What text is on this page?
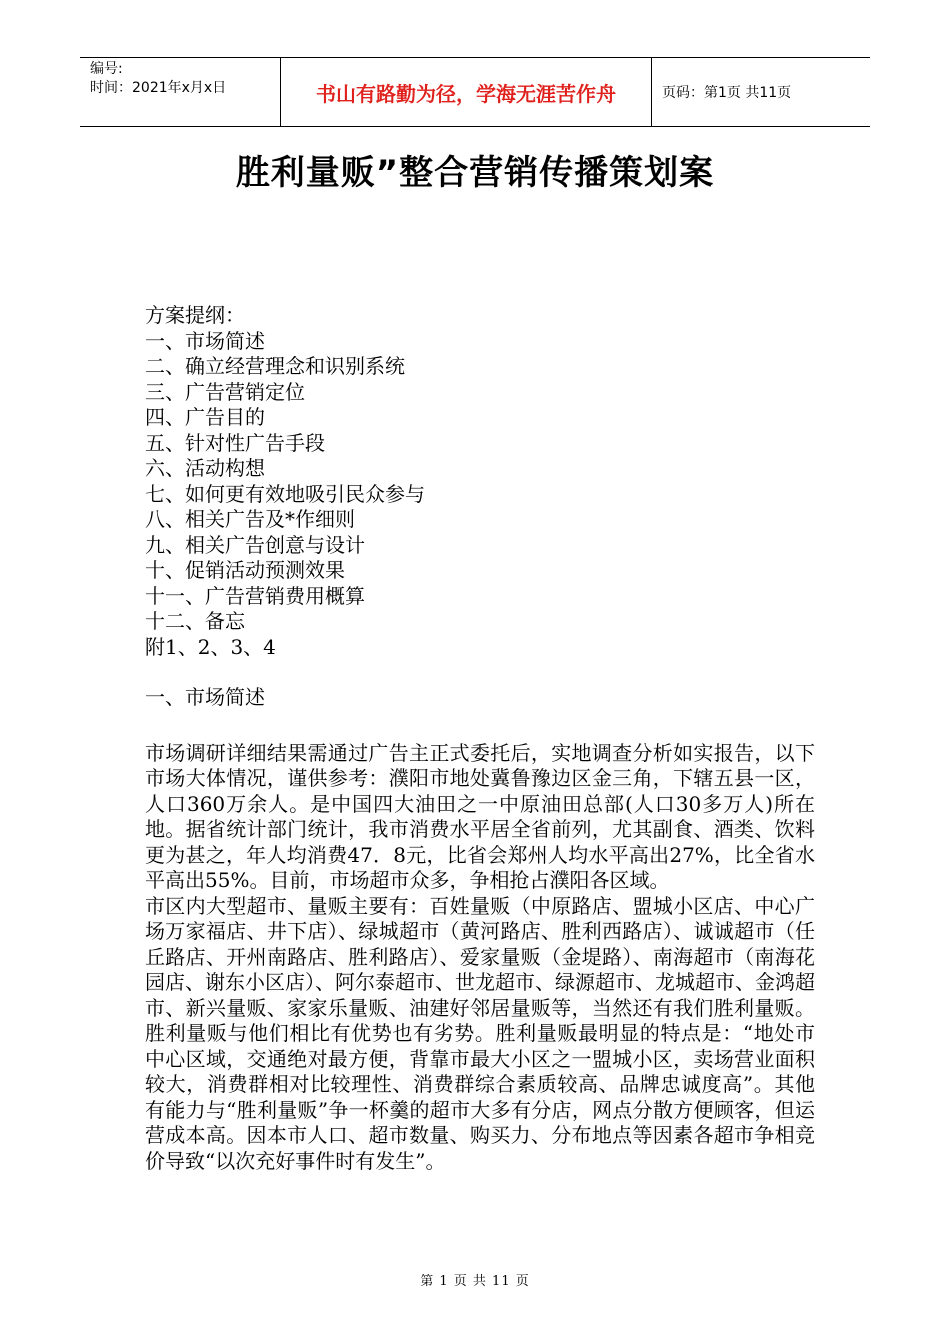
编号:
时间：2021年x月x日	书山有路勤为径，学海无涯苦作舟	页码：第1页 共11页
胜利量贩”整合营销传播策划案
方案提纲：
一、市场简述
二、确立经营理念和识别系统
三、广告营销定位
四、广告目的
五、针对性广告手段
六、活动构想
七、如何更有效地吸引民众参与
八、相关广告及*作细则
九、相关广告创意与设计
十、促销活动预测效果
十一、广告营销费用概算
十二、备忘
附1、2、3、4
一、市场简述

市场调研详细结果需通过广告主正式委托后，实地调查分析如实报告，以下市场大体情况，谨供参考：濮阳市地处冀鲁豫边区金三角，下辖五县一区，人口360万余人。是中国四大油田之一中原油田总部(人口30多万人)所在地。据省统计部门统计，我市消费水平居全省前列，尤其副食、酒类、饮料更为甚之，年人均消费47．8元，比省会郑州人均水平高出27%，比全省水平高出55%。目前，市场超市众多，争相抢占濮阳各区域。

市区内大型超市、量贩主要有：百姓量贩（中原路店、盟城小区店、中心广场万家福店、井下店）、绿城超市（黄河路店、胜利西路店）、诚诚超市（任丘路店、开州南路店、胜利路店）、爱家量贩（金堤路）、南海超市（南海花园店、谢东小区店）、阿尔泰超市、世龙超市、绿源超市、龙城超市、金鸿超市、新兴量贩、家家乐量贩、油建好邻居量贩等，当然还有我们胜利量贩。胜利量贩与他们相比有优势也有劣势。胜利量贩最明显的特点是：“地处市中心区域，交通绝对最方便，背靠市最大小区之一盟城小区，卖场营业面积较大，消费群相对比较理性、消费群综合素质较高、品牌忠诚度高”。其他有能力与“胜利量贩”争一杯羹的超市大多有分店，网点分散方便顾客，但运营成本高。因本市人口、超市数量、购买力、分布地点等因素各超市争相竞价导致“以次充好事件时有发生”。

第 1 页 共 11 页
